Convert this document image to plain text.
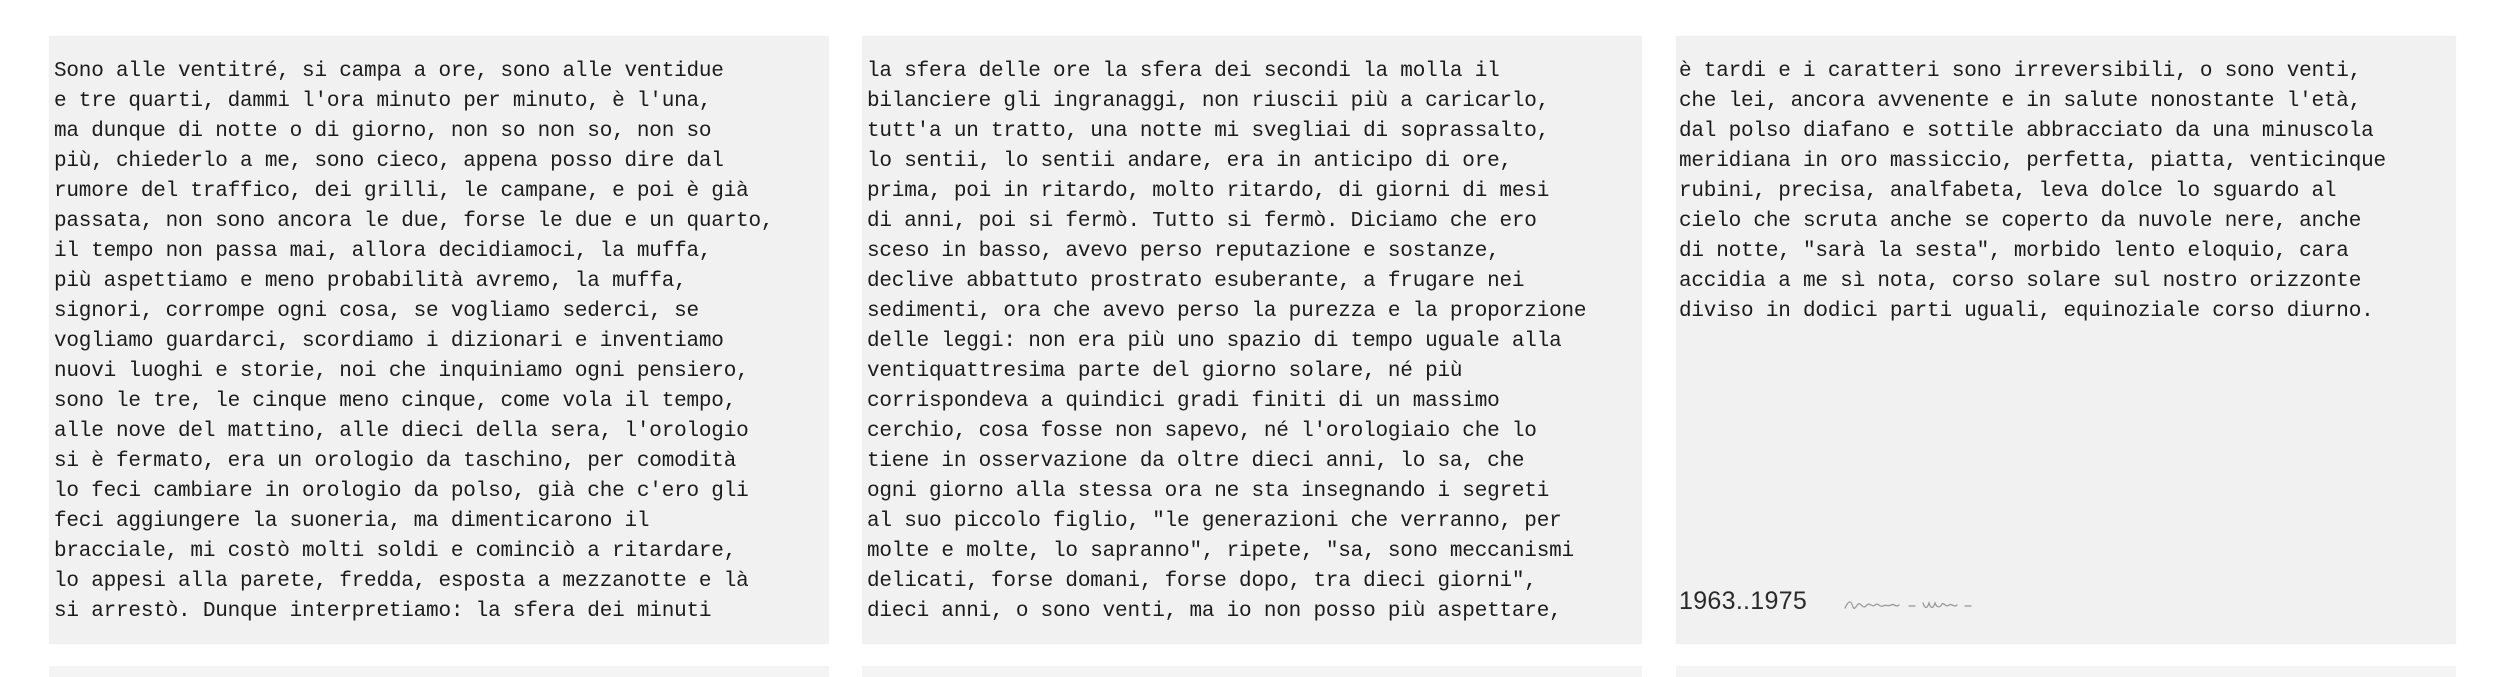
Sono alle ventitré, si campa a ore, sono alle ventidue
e tre quarti, dammi l'ora minuto per minuto, è l'una,
ma dunque di notte o di giorno, non so non so, non so
più, chiederlo a me, sono cieco, appena posso dire dal
rumore del traffico, dei grilli, le campane, e poi è già
passata, non sono ancora le due, forse le due e un quarto,
il tempo non passa mai, allora decidiamoci, la muffa,
più aspettiamo e meno probabilità avremo, la muffa,
signori, corrompe ogni cosa, se vogliamo sederci, se
vogliamo guardarci, scordiamo i dizionari e inventiamo
nuovi luoghi e storie, noi che inquiniamo ogni pensiero,
sono le tre, le cinque meno cinque, come vola il tempo,
alle nove del mattino, alle dieci della sera, l'orologio
si è fermato, era un orologio da taschino, per comodità
lo feci cambiare in orologio da polso, già che c'ero gli
feci aggiungere la suoneria, ma dimenticarono il
bracciale, mi costò molti soldi e cominciò a ritardare,
lo appesi alla parete, fredda, esposta a mezzanotte e là
si arrestò. Dunque interpretiamo: la sfera dei minuti
la sfera delle ore la sfera dei secondi la molla il
bilanciere gli ingranaggi, non riuscii più a caricarlo,
tutt'a un tratto, una notte mi svegliai di soprassalto,
lo sentii, lo sentii andare, era in anticipo di ore,
prima, poi in ritardo, molto ritardo, di giorni di mesi
di anni, poi si fermò. Tutto si fermò. Diciamo che ero
sceso in basso, avevo perso reputazione e sostanze,
declive abbattuto prostrato esuberante, a frugare nei
sedimenti, ora che avevo perso la purezza e la proporzione
delle leggi: non era più uno spazio di tempo uguale alla
ventiquattresima parte del giorno solare, né più
corrispondeva a quindici gradi finiti di un massimo
cerchio, cosa fosse non sapevo, né l'orologiaio che lo
tiene in osservazione da oltre dieci anni, lo sa, che
ogni giorno alla stessa ora ne sta insegnando i segreti
al suo piccolo figlio, "le generazioni che verranno, per
molte e molte, lo sapranno", ripete, "sa, sono meccanismi
delicati, forse domani, forse dopo, tra dieci giorni",
dieci anni, o sono venti, ma io non posso più aspettare,
è tardi e i caratteri sono irreversibili, o sono venti,
che lei, ancora avvenente e in salute nonostante l'età,
dal polso diafano e sottile abbracciato da una minuscola
meridiana in oro massiccio, perfetta, piatta, venticinque
rubini, precisa, analfabeta, leva dolce lo sguardo al
cielo che scruta anche se coperto da nuvole nere, anche
di notte, "sarà la sesta", morbido lento eloquio, cara
accidia a me sì nota, corso solare sul nostro orizzonte
diviso in dodici parti uguali, equinoziale corso diurno.
1963..1975
